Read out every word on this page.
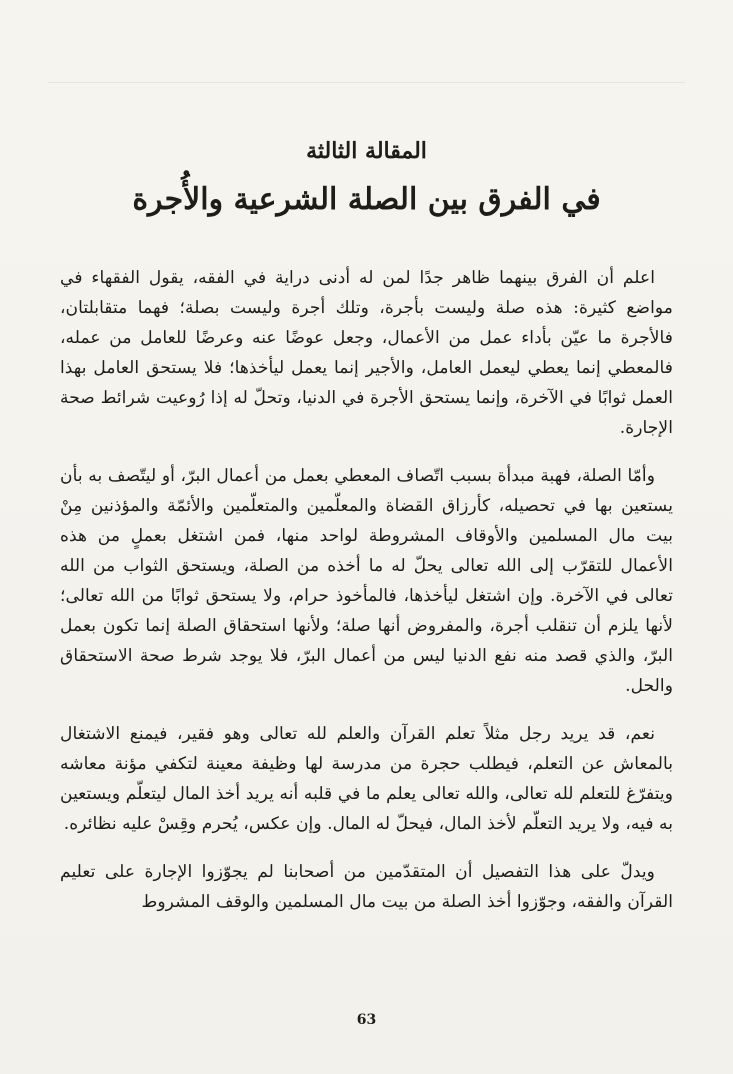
المقالة الثالثة
في الفرق بين الصلة الشرعية والأُجرة

اعلم أن الفرق بينهما ظاهر جدًا لمن له أدنى دراية في الفقه، يقول الفقهاء في مواضع كثيرة: هذه صلة وليست بأجرة، وتلك أجرة وليست بصلة؛ فهما متقابلتان، فالأجرة ما عيّن بأداء عمل من الأعمال، وجعل عوضًا عنه وعرضًا للعامل من عمله، فالمعطي إنما يعطي ليعمل العامل، والأجير إنما يعمل ليأخذها؛ فلا يستحق العامل بهذا العمل ثوابًا في الآخرة، وإنما يستحق الأجرة في الدنيا، وتحلّ له إذا رُوعيت شرائط صحة الإجارة.

وأمّا الصلة، فهبة مبدأة بسبب اتّصاف المعطي بعمل من أعمال البرّ، أو ليتّصف به بأن يستعين بها في تحصيله، كأرزاق القضاة والمعلّمين والمتعلّمين والأئمّة والمؤذنين مِنْ بيت مال المسلمين والأوقاف المشروطة لواحد منها، فمن اشتغل بعملٍ من هذه الأعمال للتقرّب إلى الله تعالى يحلّ له ما أخذه من الصلة، ويستحق الثواب من الله تعالى في الآخرة. وإن اشتغل ليأخذها، فالمأخوذ حرام، ولا يستحق ثوابًا من الله تعالى؛ لأنها يلزم أن تنقلب أجرة، والمفروض أنها صلة؛ ولأنها استحقاق الصلة إنما تكون بعمل البرّ، والذي قصد منه نفع الدنيا ليس من أعمال البرّ، فلا يوجد شرط صحة الاستحقاق والحل.

نعم، قد يريد رجل مثلاً تعلم القرآن والعلم لله تعالى وهو فقير، فيمنع الاشتغال بالمعاش عن التعلم، فيطلب حجرة من مدرسة لها وظيفة معينة لتكفي مؤنة معاشه ويتفرّغ للتعلم لله تعالى، والله تعالى يعلم ما في قلبه أنه يريد أخذ المال ليتعلّم ويستعين به فيه، ولا يريد التعلّم لأخذ المال، فيحلّ له المال. وإن عكس، يُحرم وقِسْ عليه نظائره.

ويدلّ على هذا التفصيل أن المتقدّمين من أصحابنا لم يجوّزوا الإجارة على تعليم القرآن والفقه، وجوّزوا أخذ الصلة من بيت مال المسلمين والوقف المشروط

63
